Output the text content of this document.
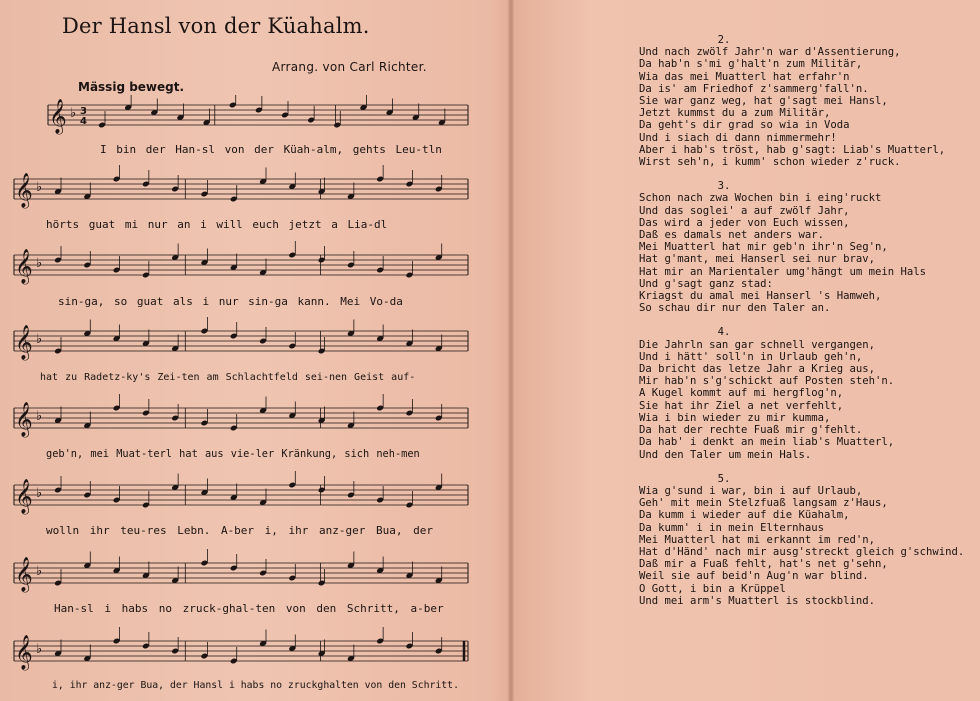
Der Hansl von der Küahalm.
Arrang. von Carl Richter.
Mässig bewegt.
𝄞 ♭ 3
4
𝄞 ♭
𝄞 ♭
𝄞 ♭
𝄞 ♭
𝄞 ♭
𝄞 ♭
𝄞 ♭
I bin der Han-sl von der Küah-alm, gehts Leu-tln
hörts guat mi nur an i will euch jetzt a Lia-dl
sin-ga, so guat als i nur sin-ga kann. Mei Vo-da
hat zu Radetz-ky's Zei-ten am Schlachtfeld sei-nen Geist auf-
geb'n, mei Muat-terl hat aus vie-ler Kränkung, sich neh-men
wolln ihr teu-res Lebn. A-ber i, ihr anz-ger Bua, der
Han-sl i habs no zruck-ghal-ten von den Schritt, a-ber
i, ihr anz-ger Bua, der Hansl i habs no zruckghalten von den Schritt.
2.
Und nach zwölf Jahr'n war d'Assentierung,
Da hab'n s'mi g'halt'n zum Militär,
Wia das mei Muatterl hat erfahr'n
Da is' am Friedhof z'sammerg'fall'n.
Sie war ganz weg, hat g'sagt mei Hansl,
Jetzt kummst du a zum Militär,
Da geht's dir grad so wia in Voda
Und i siach di dann nimmermehr!
Aber i hab's tröst, hab g'sagt: Liab's Muatterl,
Wirst seh'n, i kumm' schon wieder z'ruck.
3.
Schon nach zwa Wochen bin i eing'ruckt
Und das soglei' a auf zwölf Jahr,
Das wird a jeder von Euch wissen,
Daß es damals net anders war.
Mei Muatterl hat mir geb'n ihr'n Seg'n,
Hat g'mant, mei Hanserl sei nur brav,
Hat mir an Marientaler umg'hängt um mein Hals
Und g'sagt ganz stad:
Kriagst du amal mei Hanserl 's Hamweh,
So schau dir nur den Taler an.
4.
Die Jahrln san gar schnell vergangen,
Und i hätt' soll'n in Urlaub geh'n,
Da bricht das letze Jahr a Krieg aus,
Mir hab'n s'g'schickt auf Posten steh'n.
A Kugel kommt auf mi hergflog'n,
Sie hat ihr Ziel a net verfehlt,
Wia i bin wieder zu mir kumma,
Da hat der rechte Fuaß mir g'fehlt.
Da hab' i denkt an mein liab's Muatterl,
Und den Taler um mein Hals.
5.
Wia g'sund i war, bin i auf Urlaub,
Geh' mit mein Stelzfuaß langsam z'Haus,
Da kumm i wieder auf die Küahalm,
Da kumm' i in mein Elternhaus
Mei Muatterl hat mi erkannt im red'n,
Hat d'Händ' nach mir ausg'streckt gleich g'schwind.
Daß mir a Fuaß fehlt, hat's net g'sehn,
Weil sie auf beid'n Aug'n war blind.
O Gott, i bin a Krüppel
Und mei arm's Muatterl is stockblind.
